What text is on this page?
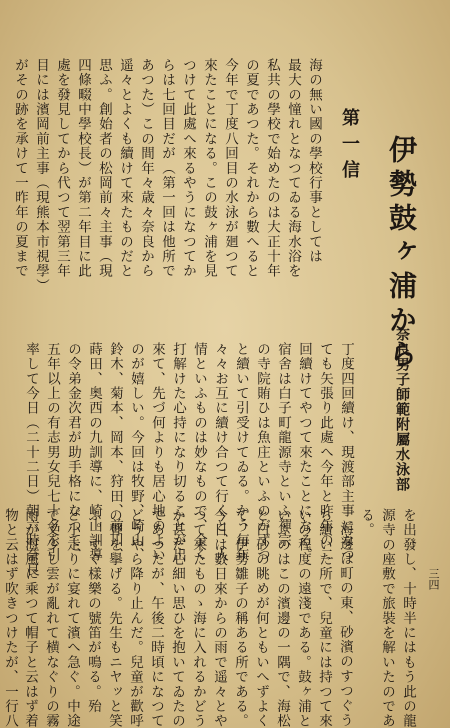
三四
伊勢鼓ヶ浦から
奈良男子師範附屬水泳部
第一信
海の無い國の學校行事としては
最大の憧れとなつてゐる海水浴を
私共の學校で始めたのは大正十年
の夏であつた。それから數へると
今年で丁度八回目の水泳が廻つて
來たことになる。この鼓ヶ浦を見
つけて此處へ來るやうになつてか
らは七回目だが（第一回は他所で
あつた）この間年々歳々奈良から
遥々とよくも續けて來たものだと
思ふ。創始者の松岡前々主事（現
四條畷中學校長）が第二年目に此
處を發見してから代つて翌第三年
目には濱岡前主事（現熊本市視學）
がその跡を承けて一昨年の夏まで
丁度四回續け、現渡部主事になつ
ても矢張り此處へ今年と昨年の二
回續けてやつて來たことになる。
宿舍は白子町龍源寺といふ禪宗
の寺院賄ひは魚庄といふのがずつ
と續いて引受けてゐる。かう毎年
々々お互に續け合つて行くと、人
情といふものは妙なもので、全く
打解けた心持になり切ることが出
來て、先づ何よりも居心地のよい
のが嬉しい。今回は牧野、崎山、
鈴木、菊本、岡本、狩田、前川、
蒔田、奥西の九訓導に、崎山訓導
の令弟金次君が助手格になつて、
五年以上の有志男女兒七十名を引
率して今日（二十二日）朝六時奈良
を出發し、十時半にはもう此の龍
源寺の座敷で旅裝を解いたのであ
る。
海邊は町の東、砂濱のすつぐう
ち續いた所で、兒童には持つて來
いの程度の遠淺である。鼓ヶ浦と
いふのはこの濱邊の一隅で、海松
と白砂の眺めが何ともいへずよく
て、伊勢雛子の稱ある所である。
今日は數日來からの雨で遥々とや
つて來たものゝ海に入れるかどう
か甚だ心細い思ひを抱いてゐたの
であつたが、午後二時頃になつて
どうやら降り止んだ。兒童が歡呼
の聲を擧げる。先生もニヤッと笑
ふ。すぐ樣樂の號笛が鳴る。殆
ど小走りに宴れて濱へ急ぐ。中途
で叉少し雲が亂れて横なぐりの霧
雨が海風に乘つて帽子と云はず着
物と云はず吹きつけたが、一行八
